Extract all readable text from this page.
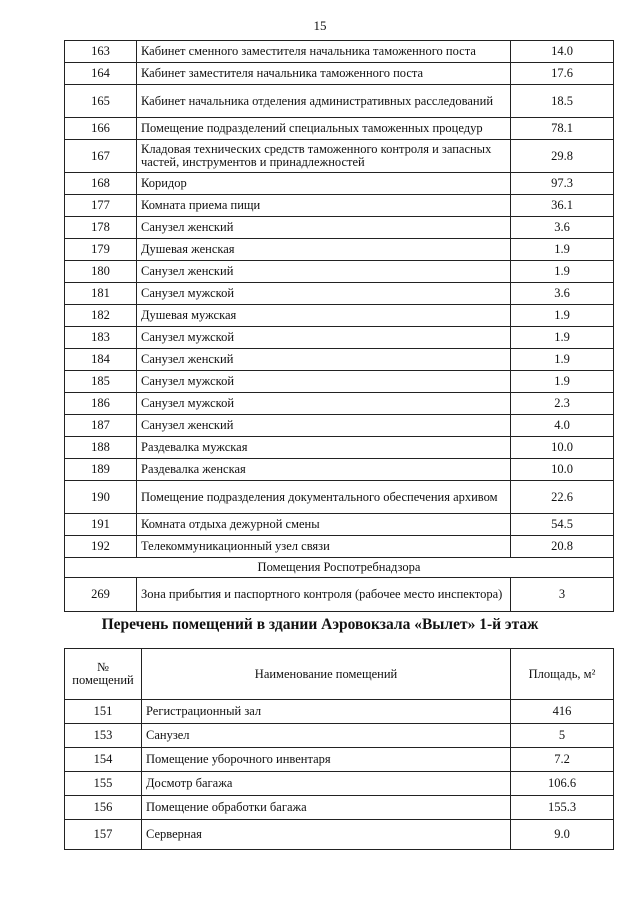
15
163	Кабинет сменного заместителя начальника таможенного поста	14.0
164	Кабинет заместителя начальника таможенного поста	17.6
165	Кабинет начальника отделения административных расследований	18.5
166	Помещение подразделений специальных таможенных процедур	78.1
167	Кладовая технических средств таможенного контроля и запасных частей, инструментов и принадлежностей	29.8
168	Коридор	97.3
177	Комната приема пищи	36.1
178	Санузел женский	3.6
179	Душевая женская	1.9
180	Санузел женский	1.9
181	Санузел мужской	3.6
182	Душевая мужская	1.9
183	Санузел мужской	1.9
184	Санузел женский	1.9
185	Санузел мужской	1.9
186	Санузел мужской	2.3
187	Санузел женский	4.0
188	Раздевалка мужская	10.0
189	Раздевалка женская	10.0
190	Помещение подразделения документального обеспечения архивом	22.6
191	Комната отдыха дежурной смены	54.5
192	Телекоммуникационный узел связи	20.8
Помещения Роспотребнадзора		
269	Зона прибытия и паспортного контроля (рабочее место инспектора)	3
Перечень помещений в здании Аэровокзала «Вылет» 1-й этаж
№ помещений	Наименование помещений	Площадь, м²
151	Регистрационный зал	416
153	Санузел	5
154	Помещение уборочного инвентаря	7.2
155	Досмотр багажа	106.6
156	Помещение обработки багажа	155.3
157	Серверная	9.0
